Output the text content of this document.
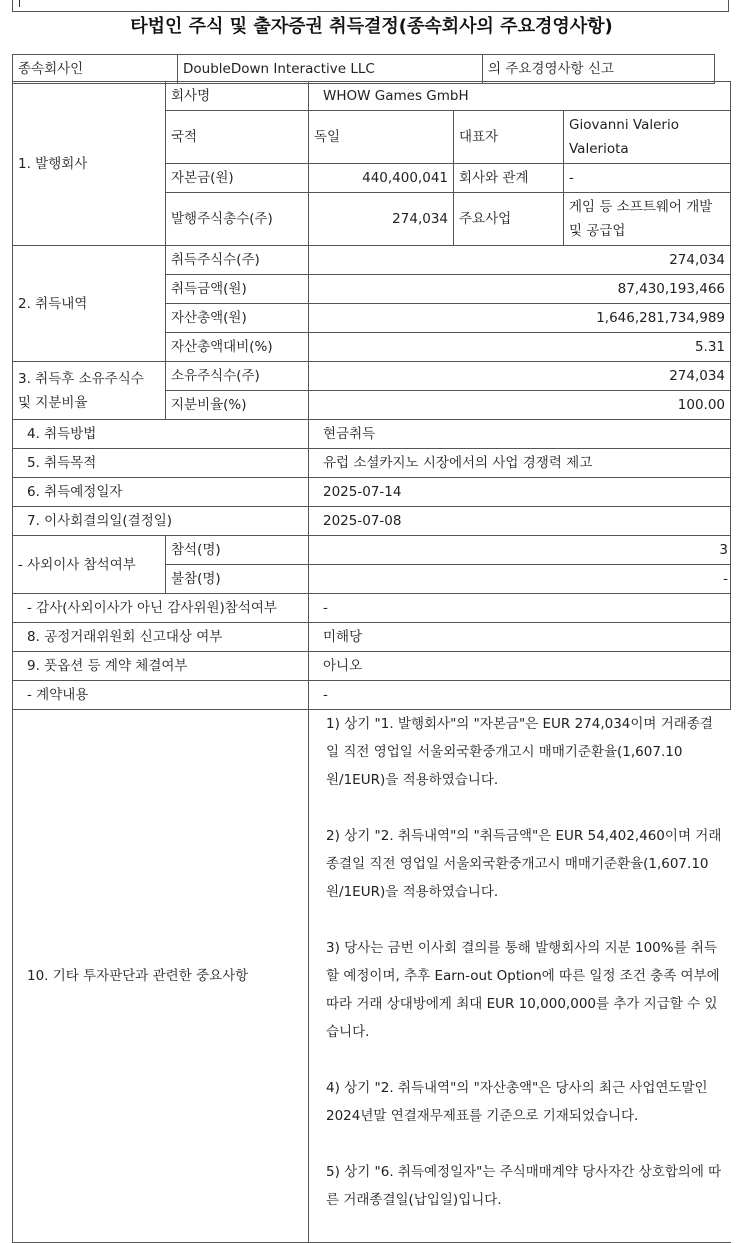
타법인 주식 및 출자증권 취득결정(종속회사의 주요경영사항)
종속회사인	DoubleDown Interactive LLC	의 주요경영사항 신고
1. 발행회사	회사명	WHOW Games GmbH		
	국적	독일	대표자	Giovanni Valerio Valeriota
	자본금(원)	440,400,041	회사와 관계	-
	발행주식총수(주)	274,034	주요사업	게임 등 소프트웨어 개발 및 공급업
2. 취득내역	취득주식수(주)	274,034		
	취득금액(원)	87,430,193,466		
	자산총액(원)	1,646,281,734,989		
	자산총액대비(%)	5.31		
3. 취득후 소유주식수 및 지분비율	소유주식수(주)	274,034		
	지분비율(%)	100.00		
4. 취득방법		현금취득		
5. 취득목적		유럽 소셜카지노 시장에서의 사업 경쟁력 제고		
6. 취득예정일자		2025-07-14		
7. 이사회결의일(결정일)		2025-07-08		
- 사외이사 참석여부	참석(명)	3		
	불참(명)	-		
- 감사(사외이사가 아닌 감사위원)참석여부		-		
8. 공정거래위원회 신고대상 여부		미해당		
9. 풋옵션 등 계약 체결여부		아니오		
- 계약내용		-		
10. 기타 투자판단과 관련한 중요사항		1) 상기 "1. 발행회사"의 "자본금"은 EUR 274,034이며 거래종결일 직전 영업일 서울외국환중개고시 매매기준환율(1,607.10원/1EUR)을 적용하였습니다.

2) 상기 "2. 취득내역"의 "취득금액"은 EUR 54,402,460이며 거래종결일 직전 영업일 서울외국환중개고시 매매기준환율(1,607.10원/1EUR)을 적용하였습니다.

3) 당사는 금번 이사회 결의를 통해 발행회사의 지분 100%를 취득할 예정이며, 추후 Earn-out Option에 따른 일정 조건 충족 여부에 따라 거래 상대방에게 최대 EUR 10,000,000를 추가 지급할 수 있습니다.

4) 상기 "2. 취득내역"의 "자산총액"은 당사의 최근 사업연도말인 2024년말 연결재무제표를 기준으로 기재되었습니다.

5) 상기 "6. 취득예정일자"는 주식매매계약 당사자간 상호합의에 따른 거래종결일(납입일)입니다.		
